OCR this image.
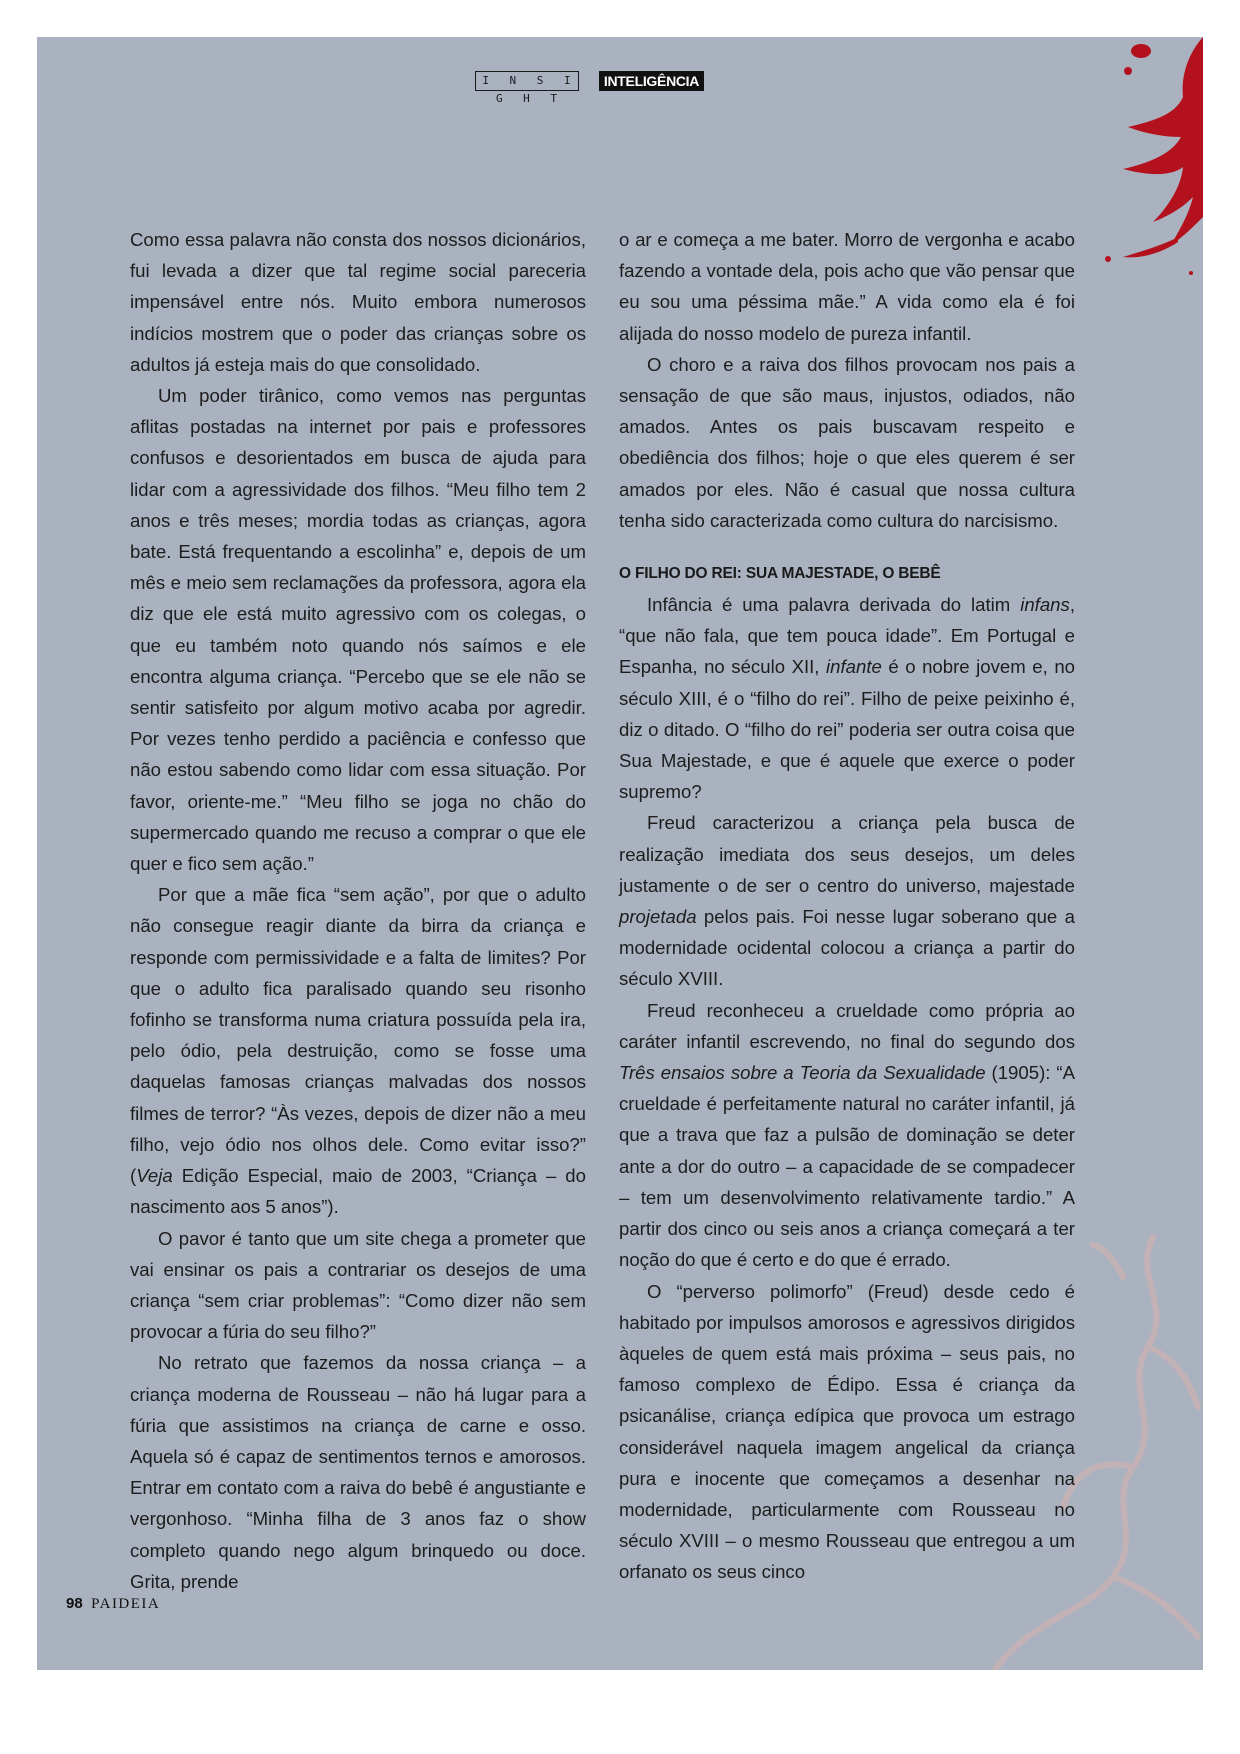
I N S I G H T
INTELIGÊNCIA

Como essa palavra não consta dos nossos dicionários, fui levada a dizer que tal regime social pareceria impensável entre nós. Muito embora numerosos indícios mostrem que o poder das crianças sobre os adultos já esteja mais do que consolidado.

Um poder tirânico, como vemos nas perguntas aflitas postadas na internet por pais e professores confusos e desorientados em busca de ajuda para lidar com a agressividade dos filhos. “Meu filho tem 2 anos e três meses; mordia todas as crianças, agora bate. Está frequentando a escolinha” e, depois de um mês e meio sem reclamações da professora, agora ela diz que ele está muito agressivo com os colegas, o que eu também noto quando nós saímos e ele encontra alguma criança. “Percebo que se ele não se sentir satisfeito por algum motivo acaba por agredir. Por vezes tenho perdido a paciência e confesso que não estou sabendo como lidar com essa situação. Por favor, oriente-me.” “Meu filho se joga no chão do supermercado quando me recuso a comprar o que ele quer e fico sem ação.”

Por que a mãe fica “sem ação”, por que o adulto não consegue reagir diante da birra da criança e responde com permissividade e a falta de limites? Por que o adulto fica paralisado quando seu risonho fofinho se transforma numa criatura possuída pela ira, pelo ódio, pela destruição, como se fosse uma daquelas famosas crianças malvadas dos nossos filmes de terror? “Às vezes, depois de dizer não a meu filho, vejo ódio nos olhos dele. Como evitar isso?” (Veja Edição Especial, maio de 2003, “Criança – do nascimento aos 5 anos”).

O pavor é tanto que um site chega a prometer que vai ensinar os pais a contrariar os desejos de uma criança “sem criar problemas”: “Como dizer não sem provocar a fúria do seu filho?”

No retrato que fazemos da nossa criança – a criança moderna de Rousseau – não há lugar para a fúria que assistimos na criança de carne e osso. Aquela só é capaz de sentimentos ternos e amorosos. Entrar em contato com a raiva do bebê é angustiante e vergonhoso. “Minha filha de 3 anos faz o show completo quando nego algum brinquedo ou doce. Grita, prende

o ar e começa a me bater. Morro de vergonha e acabo fazendo a vontade dela, pois acho que vão pensar que eu sou uma péssima mãe.” A vida como ela é foi alijada do nosso modelo de pureza infantil.

O choro e a raiva dos filhos provocam nos pais a sensação de que são maus, injustos, odiados, não amados. Antes os pais buscavam respeito e obediência dos filhos; hoje o que eles querem é ser amados por eles. Não é casual que nossa cultura tenha sido caracterizada como cultura do narcisismo.

O FILHO DO REI: SUA MAJESTADE, O BEBÊ

Infância é uma palavra derivada do latim infans, “que não fala, que tem pouca idade”. Em Portugal e Espanha, no século XII, infante é o nobre jovem e, no século XIII, é o “filho do rei”. Filho de peixe peixinho é, diz o ditado. O “filho do rei” poderia ser outra coisa que Sua Majestade, e que é aquele que exerce o poder supremo?

Freud caracterizou a criança pela busca de realização imediata dos seus desejos, um deles justamente o de ser o centro do universo, majestade projetada pelos pais. Foi nesse lugar soberano que a modernidade ocidental colocou a criança a partir do século XVIII.

Freud reconheceu a crueldade como própria ao caráter infantil escrevendo, no final do segundo dos Três ensaios sobre a Teoria da Sexualidade (1905): “A crueldade é perfeitamente natural no caráter infantil, já que a trava que faz a pulsão de dominação se deter ante a dor do outro – a capacidade de se compadecer – tem um desenvolvimento relativamente tardio.” A partir dos cinco ou seis anos a criança começará a ter noção do que é certo e do que é errado.

O “perverso polimorfo” (Freud) desde cedo é habitado por impulsos amorosos e agressivos dirigidos àqueles de quem está mais próxima – seus pais, no famoso complexo de Édipo. Essa é criança da psicanálise, criança edípica que provoca um estrago considerável naquela imagem angelical da criança pura e inocente que começamos a desenhar na modernidade, particularmente com Rousseau no século XVIII – o mesmo Rousseau que entregou a um orfanato os seus cinco

98 PAIDEIA
